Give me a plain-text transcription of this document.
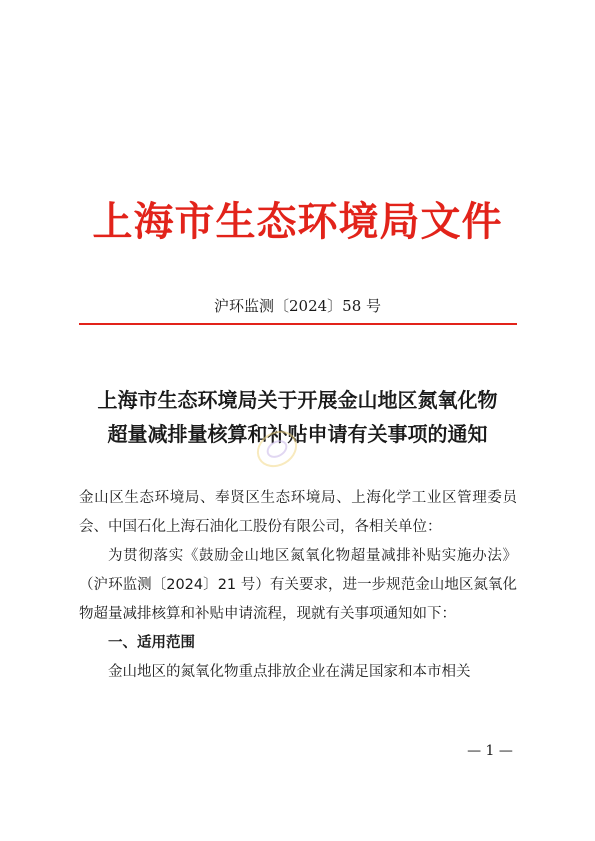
上海市生态环境局文件
沪环监测〔2024〕58 号
上海市生态环境局关于开展金山地区氮氧化物
超量减排量核算和补贴申请有关事项的通知

金山区生态环境局、奉贤区生态环境局、上海化学工业区管理委员会、中国石化上海石油化工股份有限公司，各相关单位：

为贯彻落实《鼓励金山地区氮氧化物超量减排补贴实施办法》（沪环监测〔2024〕21 号）有关要求，进一步规范金山地区氮氧化物超量减排核算和补贴申请流程，现就有关事项通知如下：

一、适用范围

金山地区的氮氧化物重点排放企业在满足国家和本市相关

— 1 —
